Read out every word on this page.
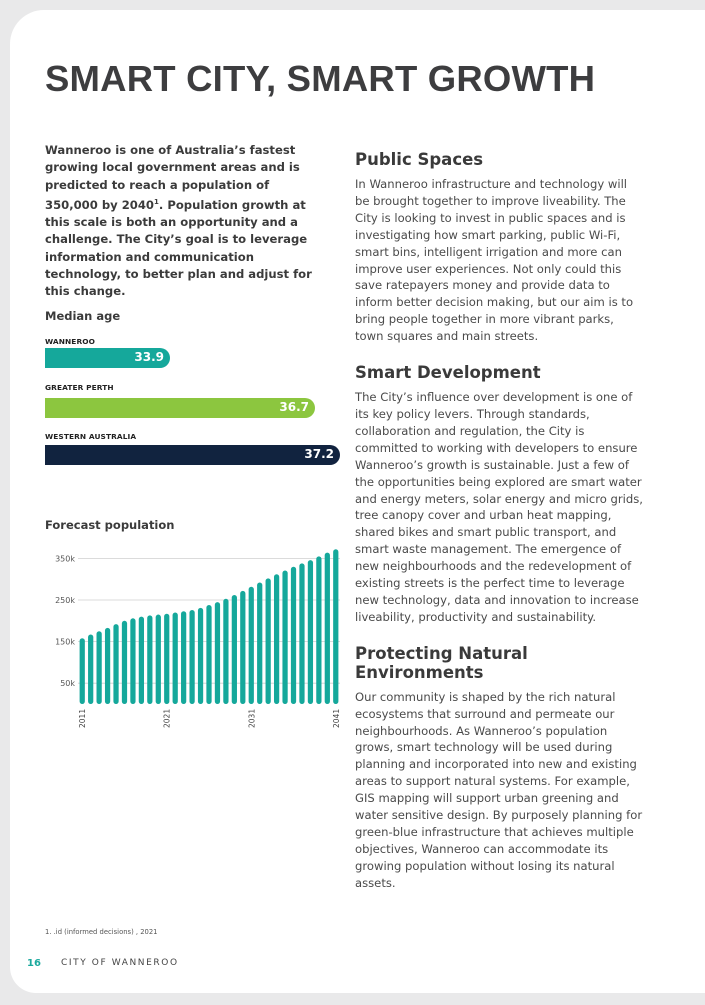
SMART CITY, SMART GROWTH

Wanneroo is one of Australia’s fastest growing local government areas and is predicted to reach a population of 350,000 by 2040$^1$. Population growth at this scale is both an opportunity and a challenge. The City’s goal is to leverage information and communication technology, to better plan and adjust for this change.

Median age
WANNEROO
33.9
GREATER PERTH
36.7
WESTERN AUSTRALIA
37.2
Forecast population
50k
150k
250k
350k
2011	2021	2031	2041
Public Spaces

In Wanneroo infrastructure and technology will be brought together to improve liveability. The City is looking to invest in public spaces and is investigating how smart parking, public Wi-Fi, smart bins, intelligent irrigation and more can improve user experiences. Not only could this save ratepayers money and provide data to inform better decision making, but our aim is to bring people together in more vibrant parks, town squares and main streets.

Smart Development

The City’s influence over development is one of its key policy levers. Through standards, collaboration and regulation, the City is committed to working with developers to ensure Wanneroo’s growth is sustainable. Just a few of the opportunities being explored are smart water and energy meters, solar energy and micro grids, tree canopy cover and urban heat mapping, shared bikes and smart public transport, and smart waste management. The emergence of new neighbourhoods and the redevelopment of existing streets is the perfect time to leverage new technology, data and innovation to increase liveability, productivity and sustainability.

Protecting Natural Environments

Our community is shaped by the rich natural ecosystems that surround and permeate our neighbourhoods. As Wanneroo’s population grows, smart technology will be used during planning and incorporated into new and existing areas to support natural systems. For example, GIS mapping will support urban greening and water sensitive design. By purposely planning for green-blue infrastructure that achieves multiple objectives, Wanneroo can accommodate its growing population without losing its natural assets.

1. .id (informed decisions) , 2021
16 CITY OF WANNEROO
